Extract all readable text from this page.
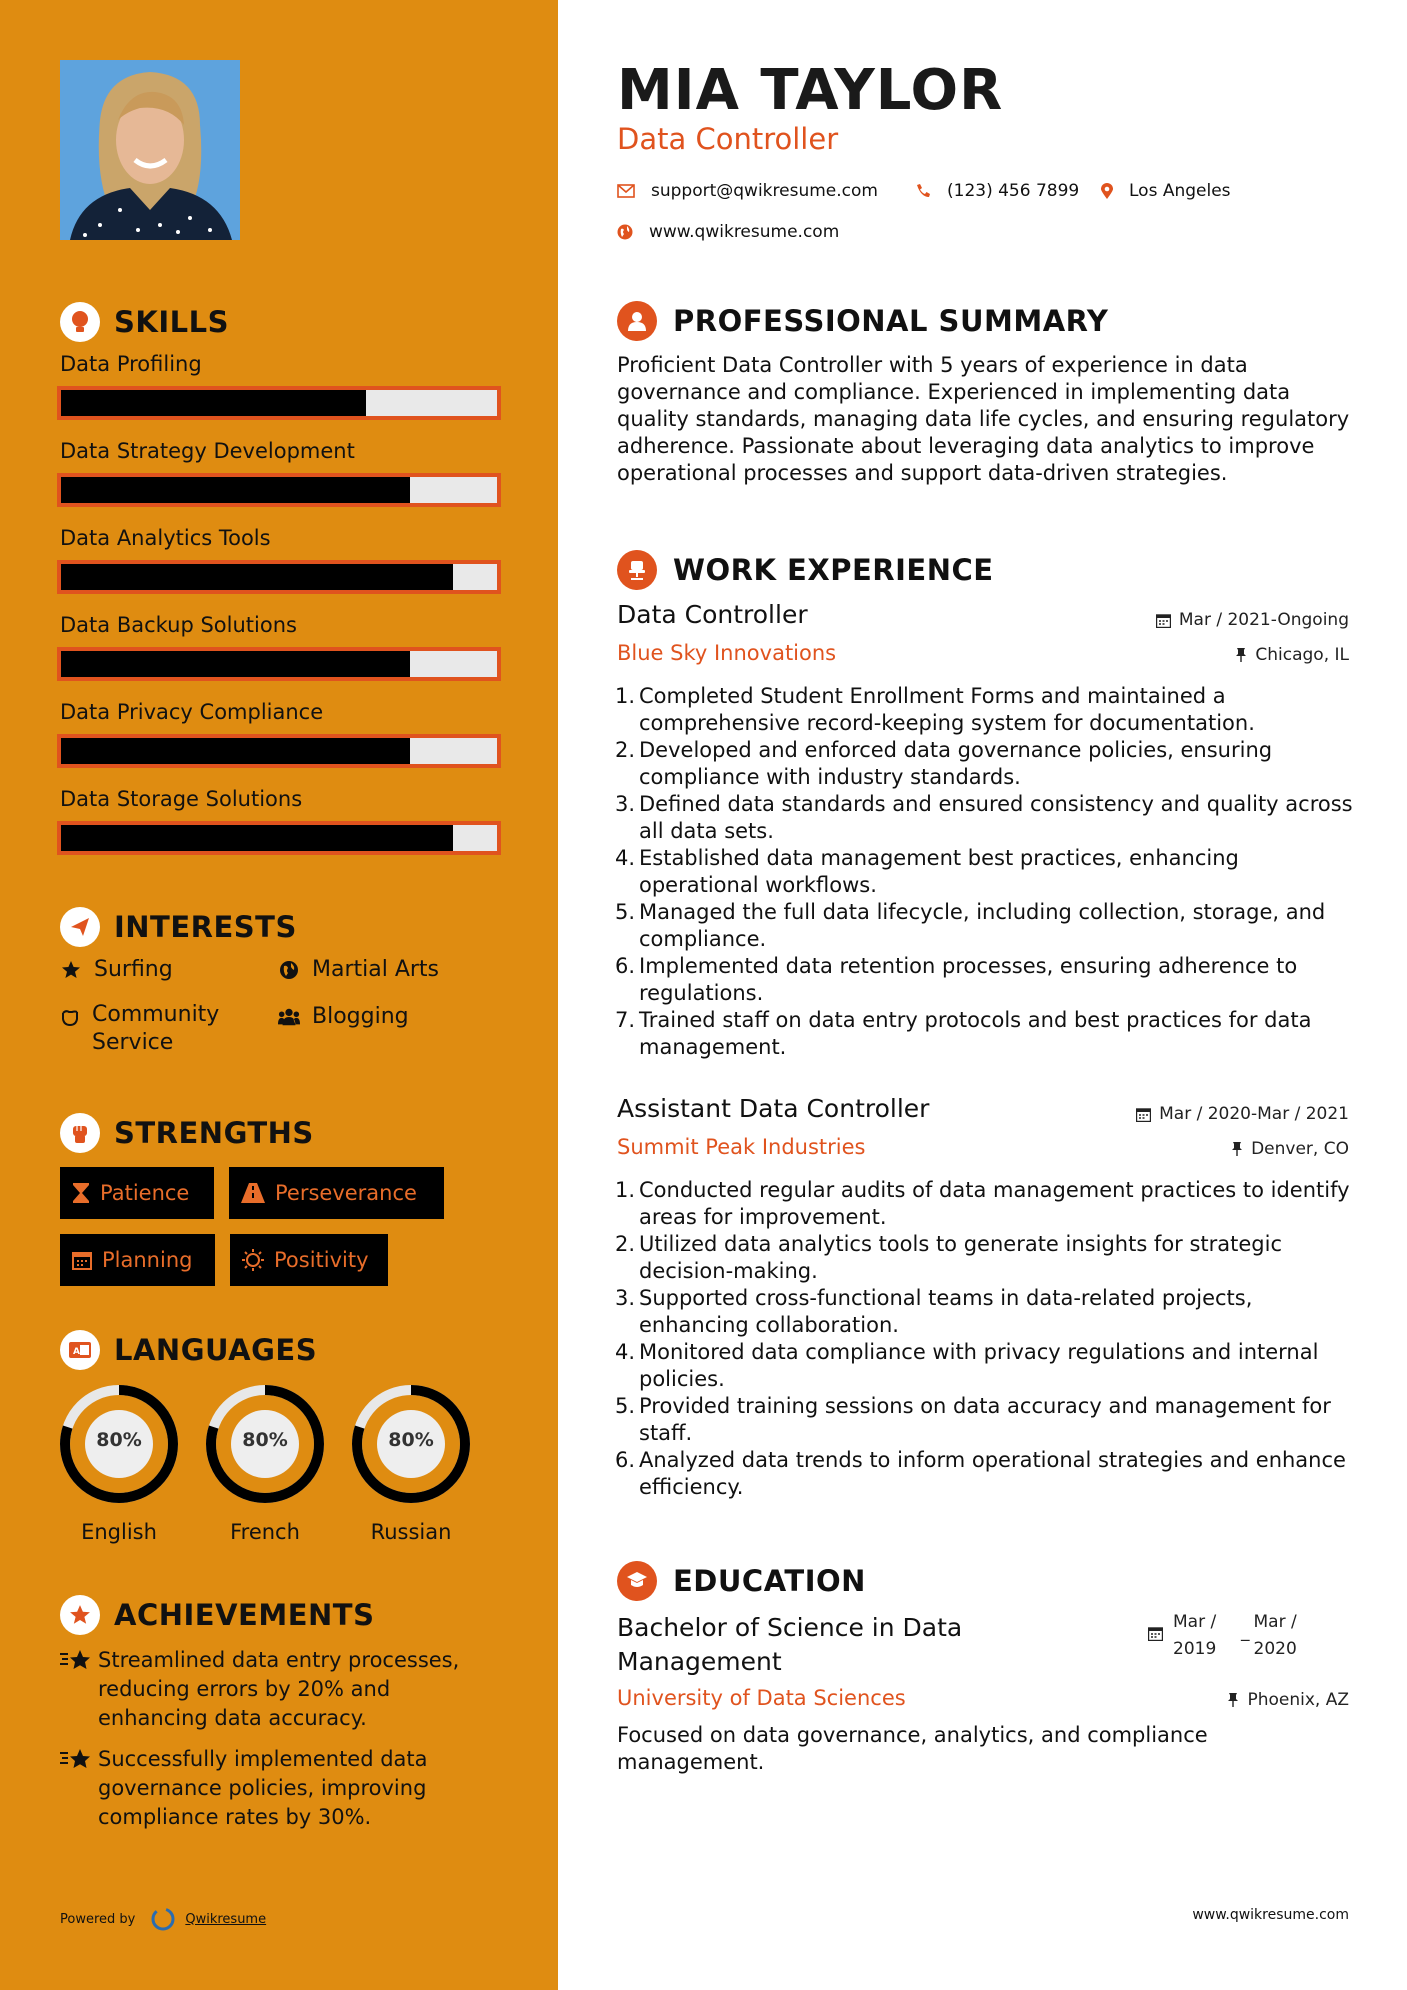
SKILLS
Data Profiling
Data Strategy Development
Data Analytics Tools
Data Backup Solutions
Data Privacy Compliance
Data Storage Solutions
INTERESTS
Surfing	Martial Arts
Community Service
Blogging
STRENGTHS
Patience	Perseverance
Planning	Positivity
A LANGUAGES
80%
English
80%
French
80%
Russian
ACHIEVEMENTS
Streamlined data entry processes, reducing errors by 20% and enhancing data accuracy.
Successfully implemented data governance policies, improving compliance rates by 30%.
Powered by	Qwikresume
MIA TAYLOR
Data Controller
support@qwikresume.com	(123) 456 7899	Los Angeles
www.qwikresume.com
PROFESSIONAL SUMMARY
Proficient Data Controller with 5 years of experience in data governance and compliance. Experienced in implementing data quality standards, managing data life cycles, and ensuring regulatory adherence. Passionate about leveraging data analytics to improve operational processes and support data-driven strategies.
WORK EXPERIENCE
Data Controller	Mar / 2021-Ongoing
Blue Sky Innovations	Chicago, IL
1. Completed Student Enrollment Forms and maintained a comprehensive record-keeping system for documentation.
2. Developed and enforced data governance policies, ensuring compliance with industry standards.
3. Defined data standards and ensured consistency and quality across all data sets.
4. Established data management best practices, enhancing operational workflows.
5. Managed the full data lifecycle, including collection, storage, and compliance.
6. Implemented data retention processes, ensuring adherence to regulations.
7. Trained staff on data entry protocols and best practices for data management.
Assistant Data Controller	Mar / 2020-Mar / 2021
Summit Peak Industries	Denver, CO
1. Conducted regular audits of data management practices to identify areas for improvement.
2. Utilized data analytics tools to generate insights for strategic decision-making.
3. Supported cross-functional teams in data-related projects, enhancing collaboration.
4. Monitored data compliance with privacy regulations and internal policies.
5. Provided training sessions on data accuracy and management for staff.
6. Analyzed data trends to inform operational strategies and enhance efficiency.
EDUCATION
Bachelor of Science in Data Management
Mar / 2019
_ Mar / 2020
University of Data Sciences	Phoenix, AZ
Focused on data governance, analytics, and compliance management.
www.qwikresume.com
